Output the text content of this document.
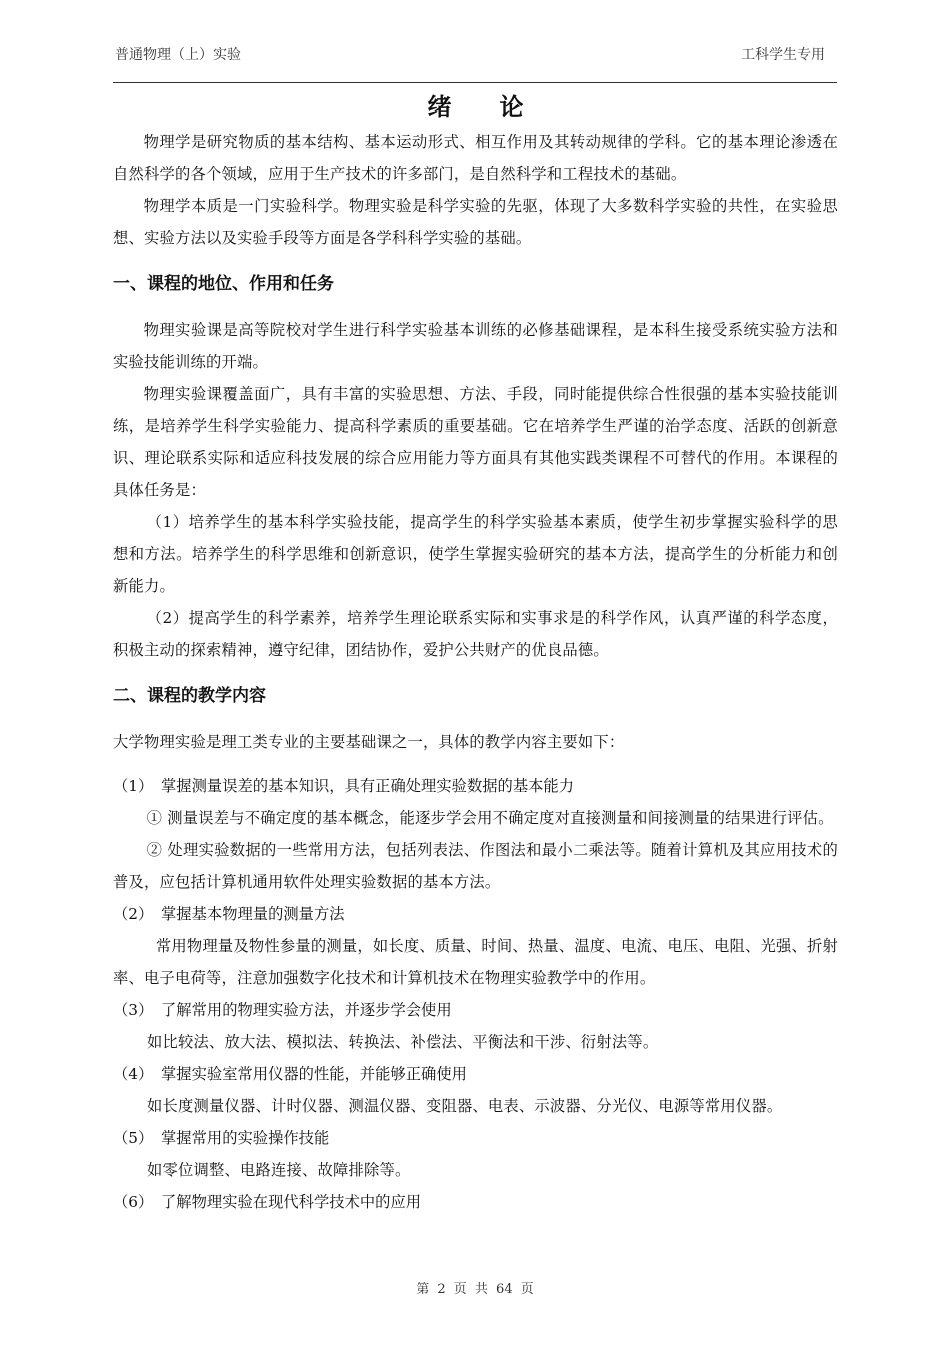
普通物理（上）实验	工科学生专用
绪论

物理学是研究物质的基本结构、基本运动形式、相互作用及其转动规律的学科。它的基本理论渗透在自然科学的各个领域，应用于生产技术的许多部门，是自然科学和工程技术的基础。

物理学本质是一门实验科学。物理实验是科学实验的先驱，体现了大多数科学实验的共性，在实验思想、实验方法以及实验手段等方面是各学科科学实验的基础。

一、课程的地位、作用和任务

物理实验课是高等院校对学生进行科学实验基本训练的必修基础课程，是本科生接受系统实验方法和实验技能训练的开端。

物理实验课覆盖面广，具有丰富的实验思想、方法、手段，同时能提供综合性很强的基本实验技能训练，是培养学生科学实验能力、提高科学素质的重要基础。它在培养学生严谨的治学态度、活跃的创新意识、理论联系实际和适应科技发展的综合应用能力等方面具有其他实践类课程不可替代的作用。本课程的具体任务是：

（1）培养学生的基本科学实验技能，提高学生的科学实验基本素质，使学生初步掌握实验科学的思想和方法。培养学生的科学思维和创新意识，使学生掌握实验研究的基本方法，提高学生的分析能力和创新能力。

（2）提高学生的科学素养，培养学生理论联系实际和实事求是的科学作风，认真严谨的科学态度，积极主动的探索精神，遵守纪律，团结协作，爱护公共财产的优良品德。

二、课程的教学内容

大学物理实验是理工类专业的主要基础课之一，具体的教学内容主要如下：

（1） 掌握测量误差的基本知识，具有正确处理实验数据的基本能力

① 测量误差与不确定度的基本概念，能逐步学会用不确定度对直接测量和间接测量的结果进行评估。

② 处理实验数据的一些常用方法，包括列表法、作图法和最小二乘法等。随着计算机及其应用技术的普及，应包括计算机通用软件处理实验数据的基本方法。

（2） 掌握基本物理量的测量方法

常用物理量及物性参量的测量，如长度、质量、时间、热量、温度、电流、电压、电阻、光强、折射率、电子电荷等，注意加强数字化技术和计算机技术在物理实验教学中的作用。

（3） 了解常用的物理实验方法，并逐步学会使用

如比较法、放大法、模拟法、转换法、补偿法、平衡法和干涉、衍射法等。

（4） 掌握实验室常用仪器的性能，并能够正确使用

如长度测量仪器、计时仪器、测温仪器、变阻器、电表、示波器、分光仪、电源等常用仪器。

（5） 掌握常用的实验操作技能

如零位调整、电路连接、故障排除等。

（6） 了解物理实验在现代科学技术中的应用

第 2 页 共 64 页
